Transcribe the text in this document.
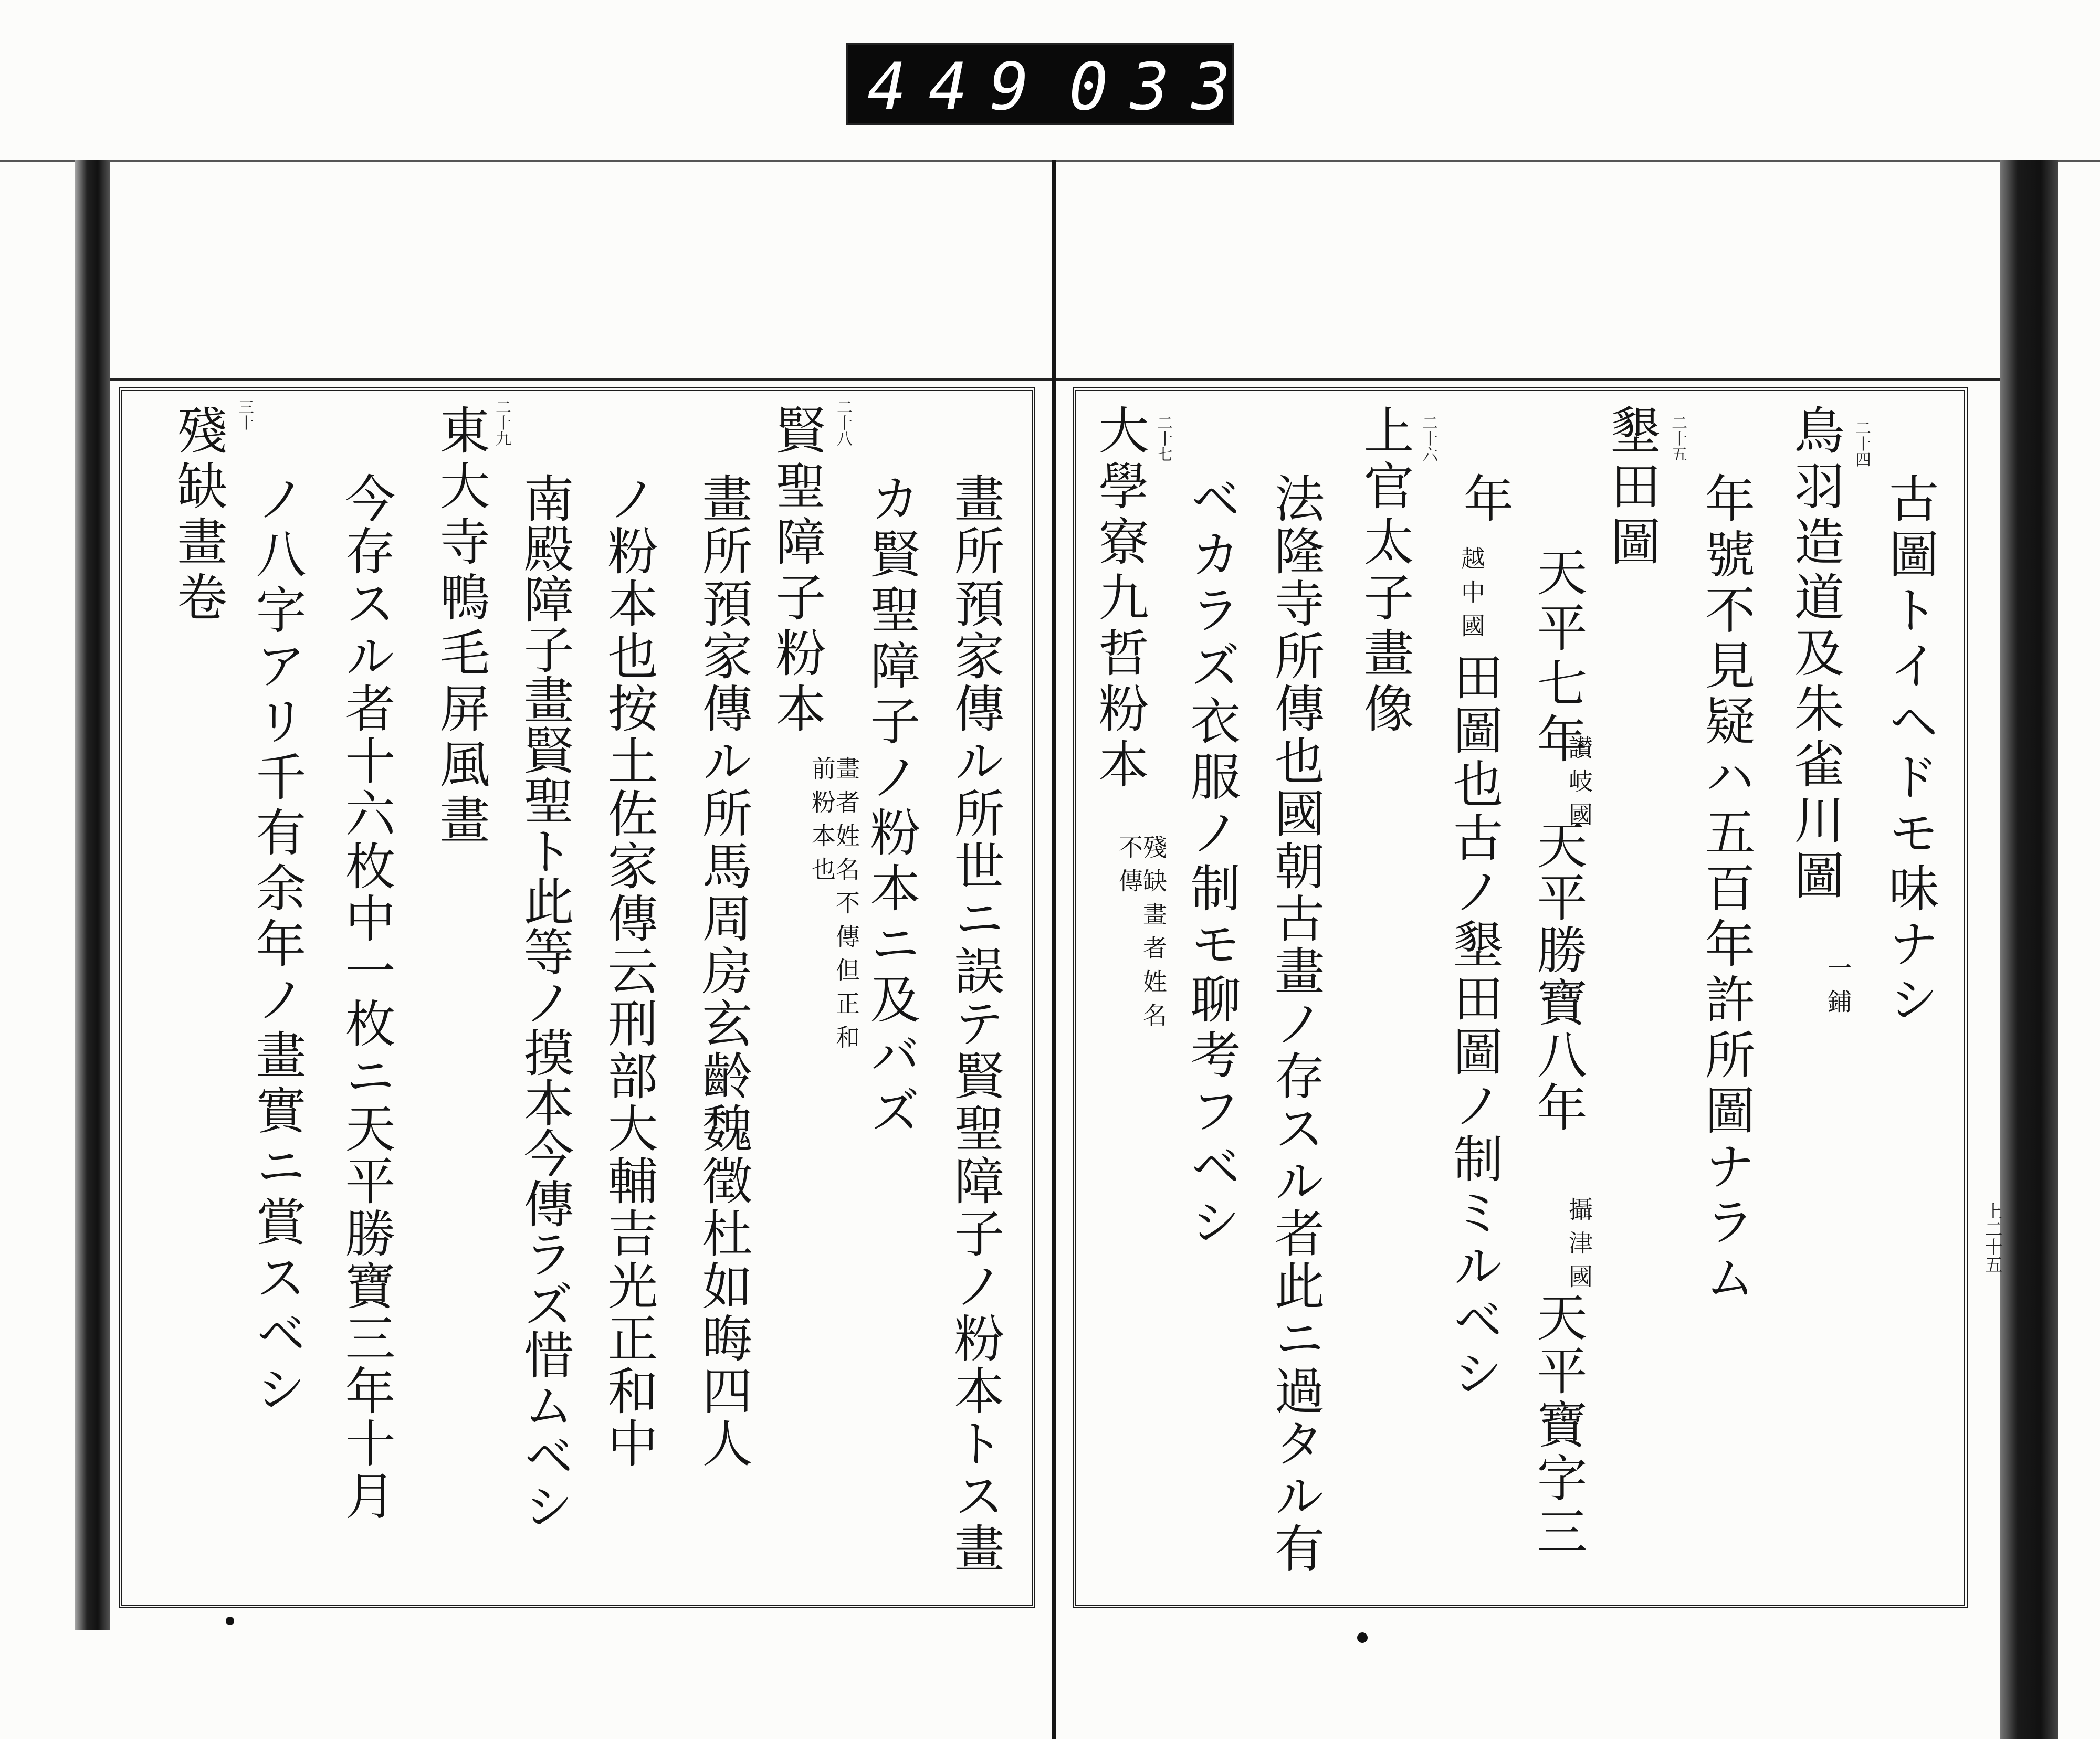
449 033
古圖トイヘドモ味ナシ
二十四
鳥羽造道及朱雀川圖
一鋪
年號不見疑ハ五百年許所圖ナラム
二十五
墾田圖
天平七年
讃岐國
天平勝寶八年
攝津國
天平寶字三
年
越中國
田圖也古ノ墾田圖ノ制ミルベシ
二十六
上官太子畫像
法隆寺所傳也國朝古畫ノ存スル者此ニ過タル有
ベカラズ衣服ノ制モ聊考フベシ
二十七
大學寮九哲粉本
殘缺畫者姓名不傳
畫所預家傳ル所世ニ誤テ賢聖障子ノ粉本トス畫
カ賢聖障子ノ粉本ニ及バズ
二十八
賢聖障子粉本
畫者姓名不傳但正和前粉本也
畫所預家傳ル所馬周房玄齡魏徵杜如晦四人
ノ粉本也按土佐家傳云刑部大輔吉光正和中
南殿障子畫賢聖ト此等ノ摸本今傳ラズ惜ムベシ
二十九
東大寺鴨毛屏風畫
今存スル者十六枚中一枚ニ天平勝寶三年十月
ノ八字アリ千有余年ノ畫實ニ賞スベシ
三十
殘缺畫卷
上二十五
